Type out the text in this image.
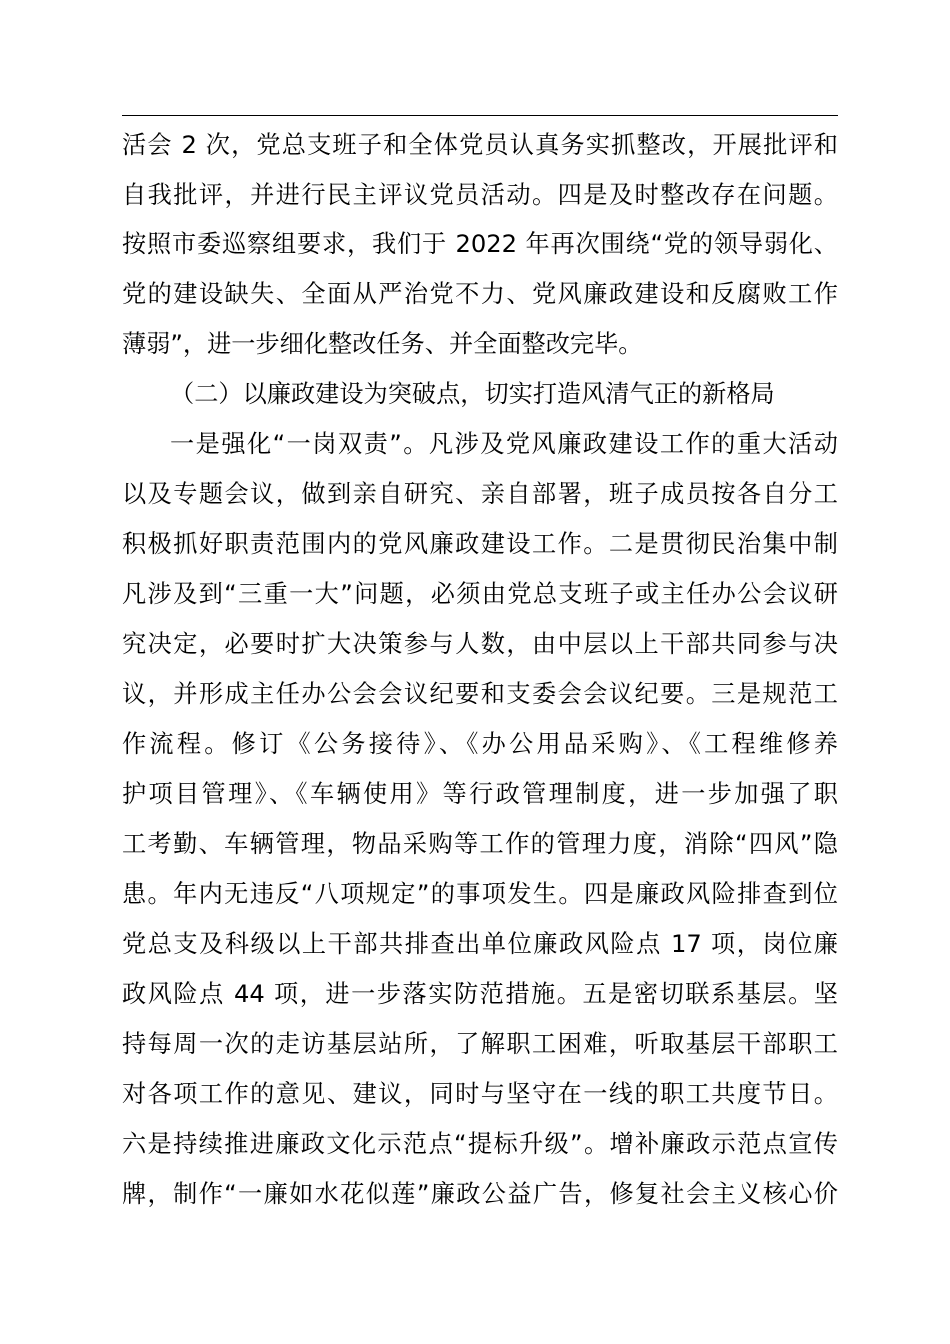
活会 2 次，党总支班子和全体党员认真务实抓整改，开展批评和
自我批评，并进行民主评议党员活动。四是及时整改存在问题。
按照市委巡察组要求，我们于 2022 年再次围绕“党的领导弱化、
党的建设缺失、全面从严治党不力、党风廉政建设和反腐败工作
薄弱”，进一步细化整改任务、并全面整改完毕。
（二）以廉政建设为突破点，切实打造风清气正的新格局
一是强化“一岗双责”。凡涉及党风廉政建设工作的重大活动
以及专题会议，做到亲自研究、亲自部署，班子成员按各自分工
积极抓好职责范围内的党风廉政建设工作。二是贯彻民治集中制
凡涉及到“三重一大”问题，必须由党总支班子或主任办公会议研
究决定，必要时扩大决策参与人数，由中层以上干部共同参与决
议，并形成主任办公会会议纪要和支委会会议纪要。三是规范工
作流程。修订《公务接待》、《办公用品采购》、《工程维修养
护项目管理》、《车辆使用》等行政管理制度，进一步加强了职
工考勤、车辆管理，物品采购等工作的管理力度，消除“四风”隐
患。年内无违反“八项规定”的事项发生。四是廉政风险排查到位
党总支及科级以上干部共排查出单位廉政风险点 17 项，岗位廉
政风险点 44 项，进一步落实防范措施。五是密切联系基层。坚
持每周一次的走访基层站所，了解职工困难，听取基层干部职工
对各项工作的意见、建议，同时与坚守在一线的职工共度节日。
六是持续推进廉政文化示范点“提标升级”。增补廉政示范点宣传
牌，制作“一廉如水花似莲”廉政公益广告，修复社会主义核心价
